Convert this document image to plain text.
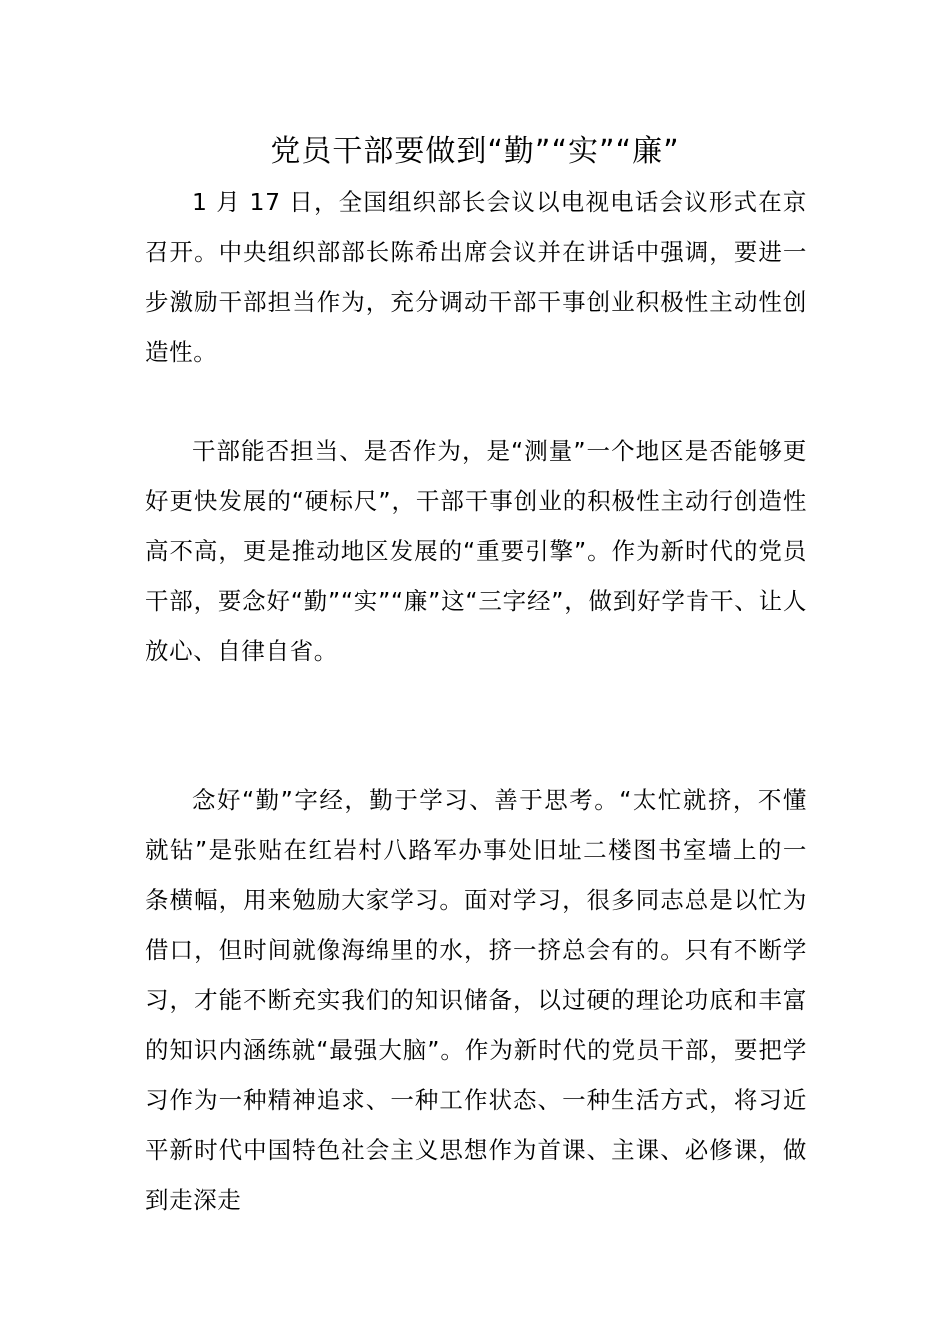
党员干部要做到“勤”“实”“廉”

1 月 17 日，全国组织部长会议以电视电话会议形式在京召开。中央组织部部长陈希出席会议并在讲话中强调，要进一步激励干部担当作为，充分调动干部干事创业积极性主动性创造性。

干部能否担当、是否作为，是“测量”一个地区是否能够更好更快发展的“硬标尺”，干部干事创业的积极性主动行创造性高不高，更是推动地区发展的“重要引擎”。作为新时代的党员干部，要念好“勤”“实”“廉”这“三字经”，做到好学肯干、让人放心、自律自省。

念好“勤”字经，勤于学习、善于思考。“太忙就挤，不懂就钻”是张贴在红岩村八路军办事处旧址二楼图书室墙上的一条横幅，用来勉励大家学习。面对学习，很多同志总是以忙为借口，但时间就像海绵里的水，挤一挤总会有的。只有不断学习，才能不断充实我们的知识储备，以过硬的理论功底和丰富的知识内涵练就“最强大脑”。作为新时代的党员干部，要把学习作为一种精神追求、一种工作状态、一种生活方式，将习近平新时代中国特色社会主义思想作为首课、主课、必修课，做到走深走
